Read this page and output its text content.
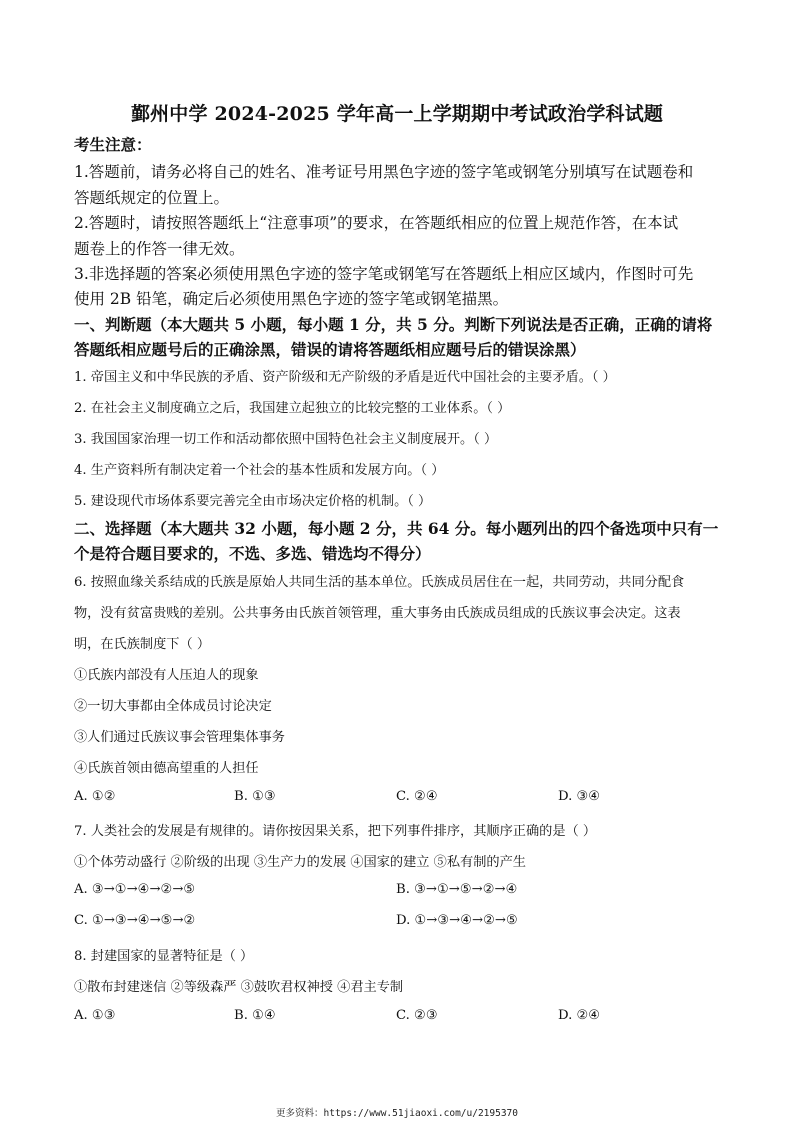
鄞州中学 2024-2025 学年高一上学期期中考试政治学科试题
考生注意：
1.答题前，请务必将自己的姓名、准考证号用黑色字迹的签字笔或钢笔分别填写在试题卷和
答题纸规定的位置上。
2.答题时，请按照答题纸上“注意事项”的要求，在答题纸相应的位置上规范作答，在本试
题卷上的作答一律无效。
3.非选择题的答案必须使用黑色字迹的签字笔或钢笔写在答题纸上相应区域内，作图时可先
使用 2B 铅笔，确定后必须使用黑色字迹的签字笔或钢笔描黑。
一、判断题（本大题共 5 小题，每小题 1 分，共 5 分。判断下列说法是否正确，正确的请将
答题纸相应题号后的正确涂黑，错误的请将答题纸相应题号后的错误涂黑）
1. 帝国主义和中华民族的矛盾、资产阶级和无产阶级的矛盾是近代中国社会的主要矛盾。（ ）
2. 在社会主义制度确立之后，我国建立起独立的比较完整的工业体系。（ ）
3. 我国国家治理一切工作和活动都依照中国特色社会主义制度展开。（ ）
4. 生产资料所有制决定着一个社会的基本性质和发展方向。（ ）
5. 建设现代市场体系要完善完全由市场决定价格的机制。（ ）
二、选择题（本大题共 32 小题，每小题 2 分，共 64 分。每小题列出的四个备选项中只有一
个是符合题目要求的，不选、多选、错选均不得分）
6. 按照血缘关系结成的氏族是原始人共同生活的基本单位。氏族成员居住在一起，共同劳动，共同分配食
物，没有贫富贵贱的差别。公共事务由氏族首领管理，重大事务由氏族成员组成的氏族议事会决定。这表
明，在氏族制度下（ ）
①氏族内部没有人压迫人的现象
②一切大事都由全体成员讨论决定
③人们通过氏族议事会管理集体事务
④氏族首领由德高望重的人担任
A. ①②	B. ①③	C. ②④	D. ③④
7. 人类社会的发展是有规律的。请你按因果关系，把下列事件排序，其顺序正确的是（ ）
①个体劳动盛行 ②阶级的出现 ③生产力的发展 ④国家的建立 ⑤私有制的产生
A. ③→①→④→②→⑤	B. ③→①→⑤→②→④
C. ①→③→④→⑤→②	D. ①→③→④→②→⑤
8. 封建国家的显著特征是（ ）
①散布封建迷信 ②等级森严 ③鼓吹君权神授 ④君主专制
A. ①③	B. ①④	C. ②③	D. ②④
更多资料：https://www.51jiaoxi.com/u/2195370
